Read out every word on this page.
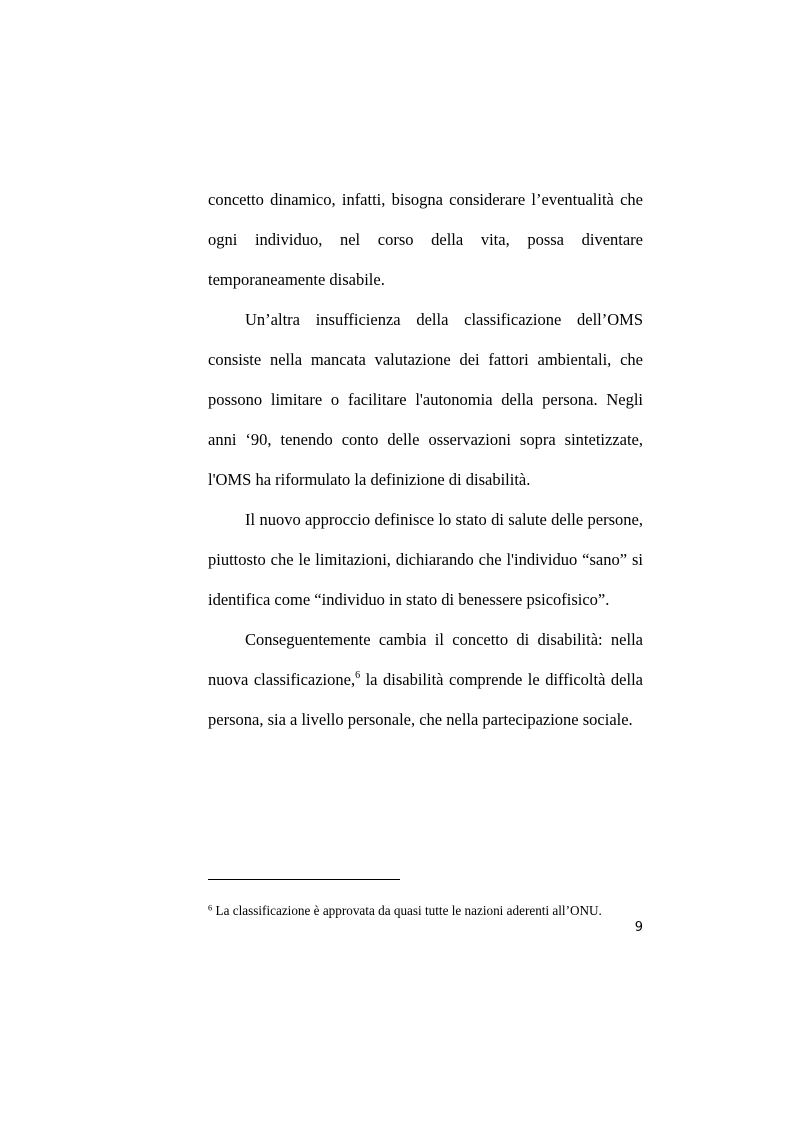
concetto dinamico, infatti, bisogna considerare l’eventualità che ogni individuo, nel corso della vita, possa diventare temporaneamente disabile.

Un’altra insufficienza della classificazione dell’OMS consiste nella mancata valutazione dei fattori ambientali, che possono limitare o facilitare l'autonomia della persona. Negli anni ‘90, tenendo conto delle osservazioni sopra sintetizzate, l'OMS ha riformulato la definizione di disabilità.

Il nuovo approccio definisce lo stato di salute delle persone, piuttosto che le limitazioni, dichiarando che l'individuo “sano” si identifica come “individuo in stato di benessere psicofisico”.

Conseguentemente cambia il concetto di disabilità: nella nuova classificazione,$^6$ la disabilità comprende le difficoltà della persona, sia a livello personale, che nella partecipazione sociale.

$^6$ La classificazione è approvata da quasi tutte le nazioni aderenti all’ONU.
9
